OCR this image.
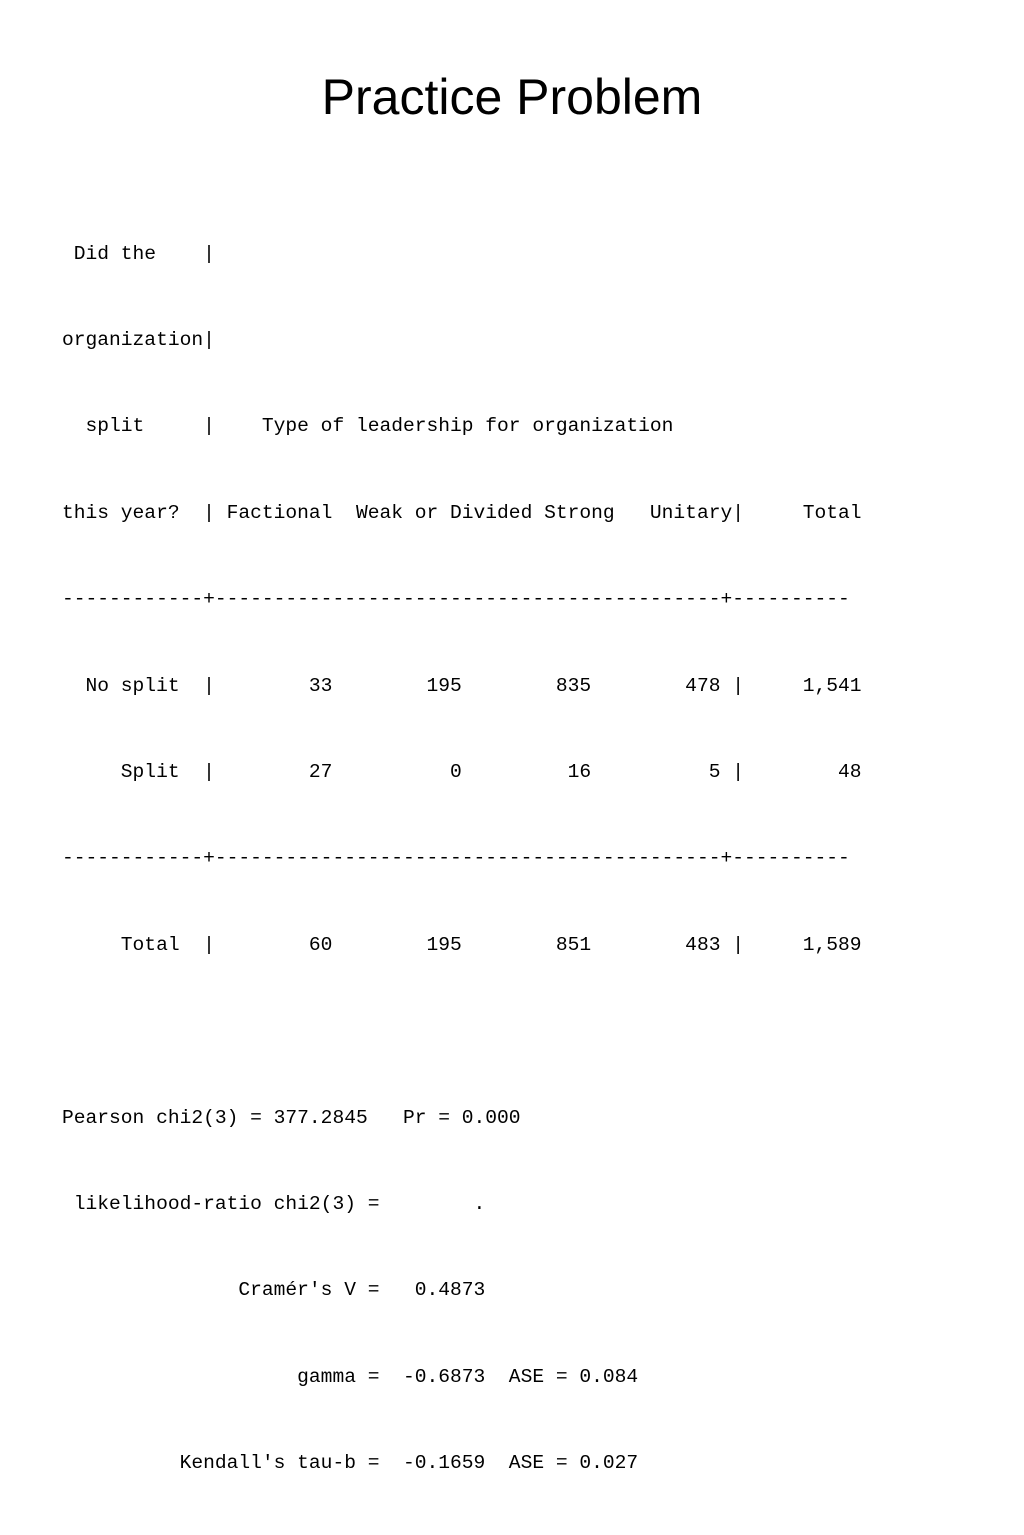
Practice Problem

Did the    |

organization|

split     |    Type of leadership for organization

this year?  | Factional  Weak or Divided Strong   Unitary|     Total

------------+-------------------------------------------+----------

No split  |        33        195        835        478 |     1,541

Split  |        27          0         16          5 |        48

------------+-------------------------------------------+----------

Total  |        60        195        851        483 |     1,589

Pearson chi2(3) = 377.2845   Pr = 0.000

likelihood-ratio chi2(3) =        .

Cramér's V =   0.4873

gamma =  -0.6873  ASE = 0.084

Kendall's tau-b =  -0.1659  ASE = 0.027
